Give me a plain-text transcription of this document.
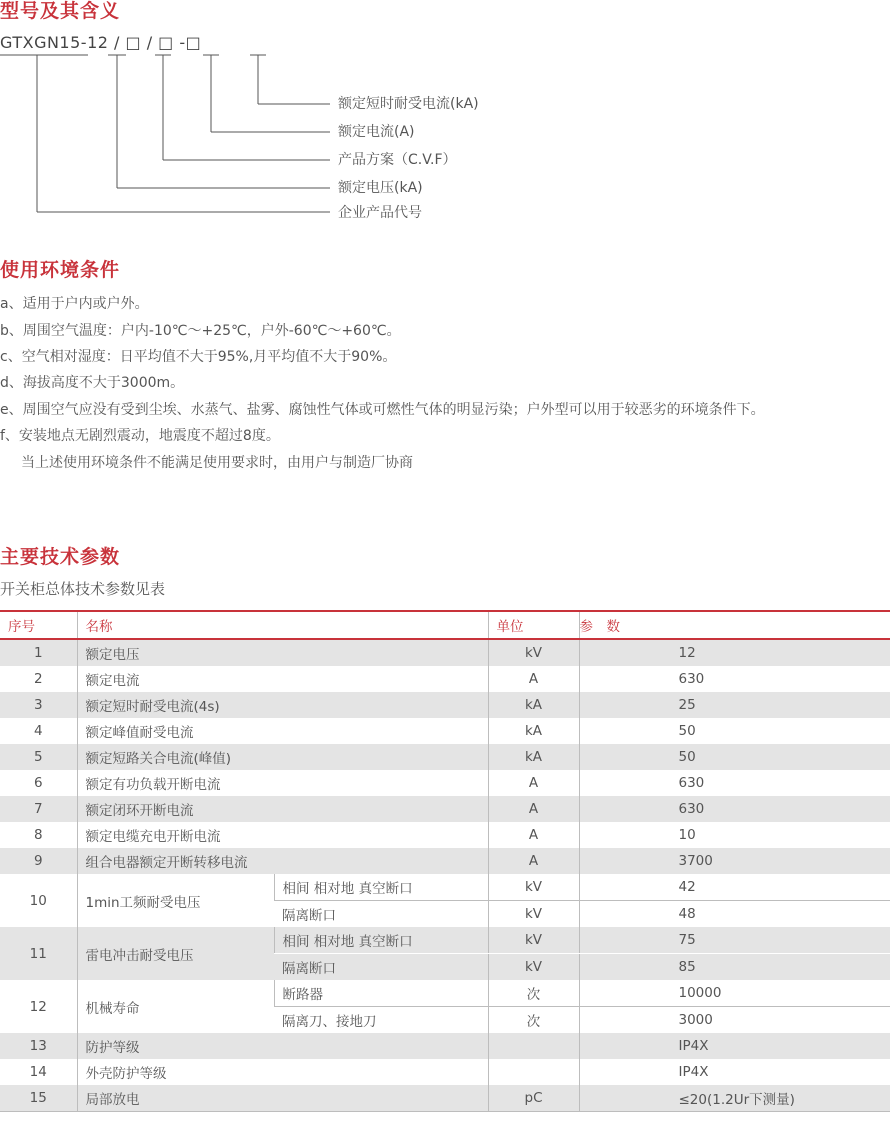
型号及其含义

GTXGN15-12 / □ / □ -□

额定短时耐受电流(kA)

额定电流(A)

产品方案（C.V.F）

额定电压(kA)

企业产品代号

使用环境条件

a、适用于户内或户外。

b、周围空气温度：户内-10℃～+25℃，户外-60℃～+60℃。

c、空气相对湿度：日平均值不大于95%,月平均值不大于90%。

d、海拔高度不大于3000m。

e、周围空气应没有受到尘埃、水蒸气、盐雾、腐蚀性气体或可燃性气体的明显污染；户外型可以用于较恶劣的环境条件下。

f、安装地点无剧烈震动，地震度不超过8度。

当上述使用环境条件不能满足使用要求时，由用户与制造厂协商

主要技术参数

开关柜总体技术参数见表

序号	名称		单位	参　数
1	额定电压		kV	12
2	额定电流		A	630
3	额定短时耐受电流(4s)		kA	25
4	额定峰值耐受电流		kA	50
5	额定短路关合电流(峰值)		kA	50
6	额定有功负载开断电流		A	630
7	额定闭环开断电流		A	630
8	额定电缆充电开断电流		A	10
9	组合电器额定开断转移电流		A	3700
10	1min工频耐受电压	相间 相对地 真空断口	kV	42
		隔离断口	kV	48
11	雷电冲击耐受电压	相间 相对地 真空断口	kV	75
		隔离断口	kV	85
12	机械寿命	断路器	次	10000
		隔离刀、接地刀	次	3000
13	防护等级			IP4X
14	外壳防护等级			IP4X
15	局部放电		pC	≤20(1.2Ur下测量)
